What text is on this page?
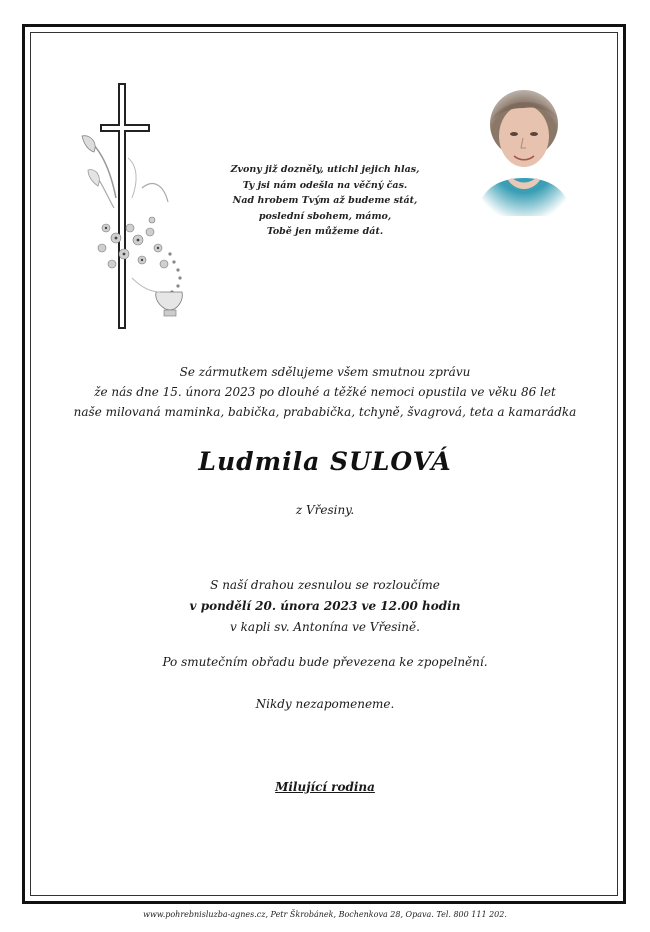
Zvony již dozněly, utichl jejich hlas,
Ty jsi nám odešla na věčný čas.
Nad hrobem Tvým až budeme stát,
poslední sbohem, mámo,
Tobě jen můžeme dát.
Se zármutkem sdělujeme všem smutnou zprávu
že nás dne 15. února 2023 po dlouhé a těžké nemoci opustila ve věku 86 let
naše milovaná maminka, babička, prababička, tchyně, švagrová, teta a kamarádka
Ludmila SULOVÁ
z Vřesiny.
S naší drahou zesnulou se rozloučíme
v pondělí 20. února 2023 ve 12.00 hodin
v kapli sv. Antonína ve Vřesině.
Po smutečním obřadu bude převezena ke zpopelnění.
Nikdy nezapomeneme.
Milující rodina
www.pohrebnisluzba-agnes.cz, Petr Škrobánek, Bochenkova 28, Opava. Tel. 800 111 202.
